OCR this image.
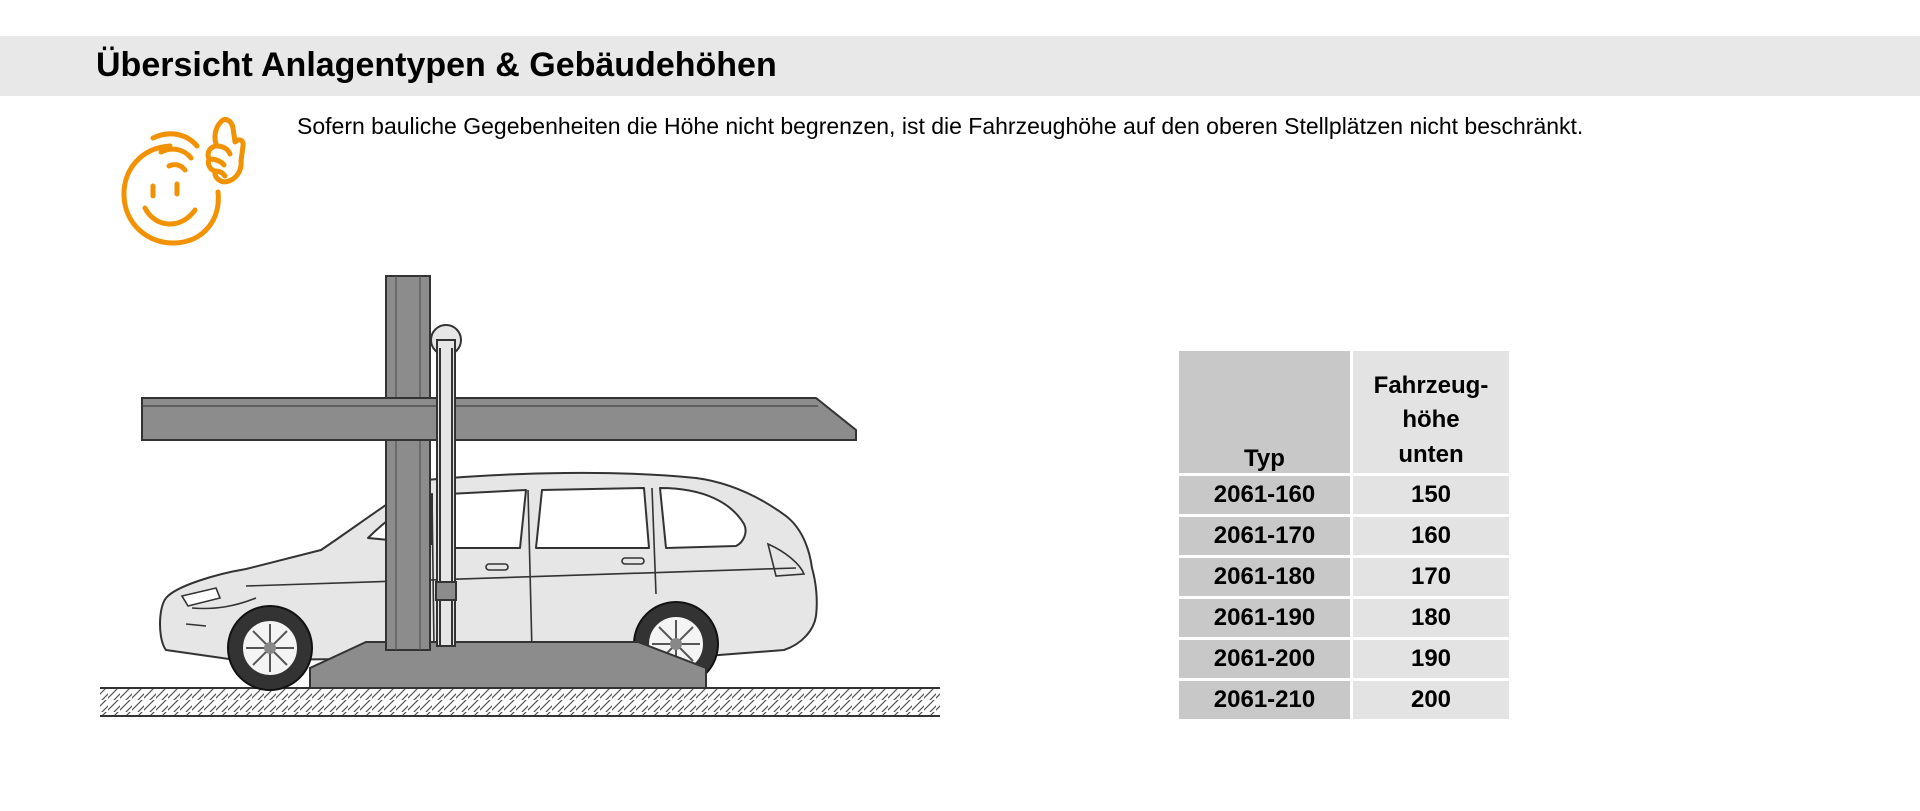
Übersicht Anlagentypen & Gebäudehöhen

Sofern bauliche Gegebenheiten die Höhe nicht begrenzen, ist die Fahrzeughöhe auf den oberen Stellplätzen nicht beschränkt.

Typ	Fahrzeug-
höhe
unten
2061-160	150
2061-170	160
2061-180	170
2061-190	180
2061-200	190
2061-210	200
